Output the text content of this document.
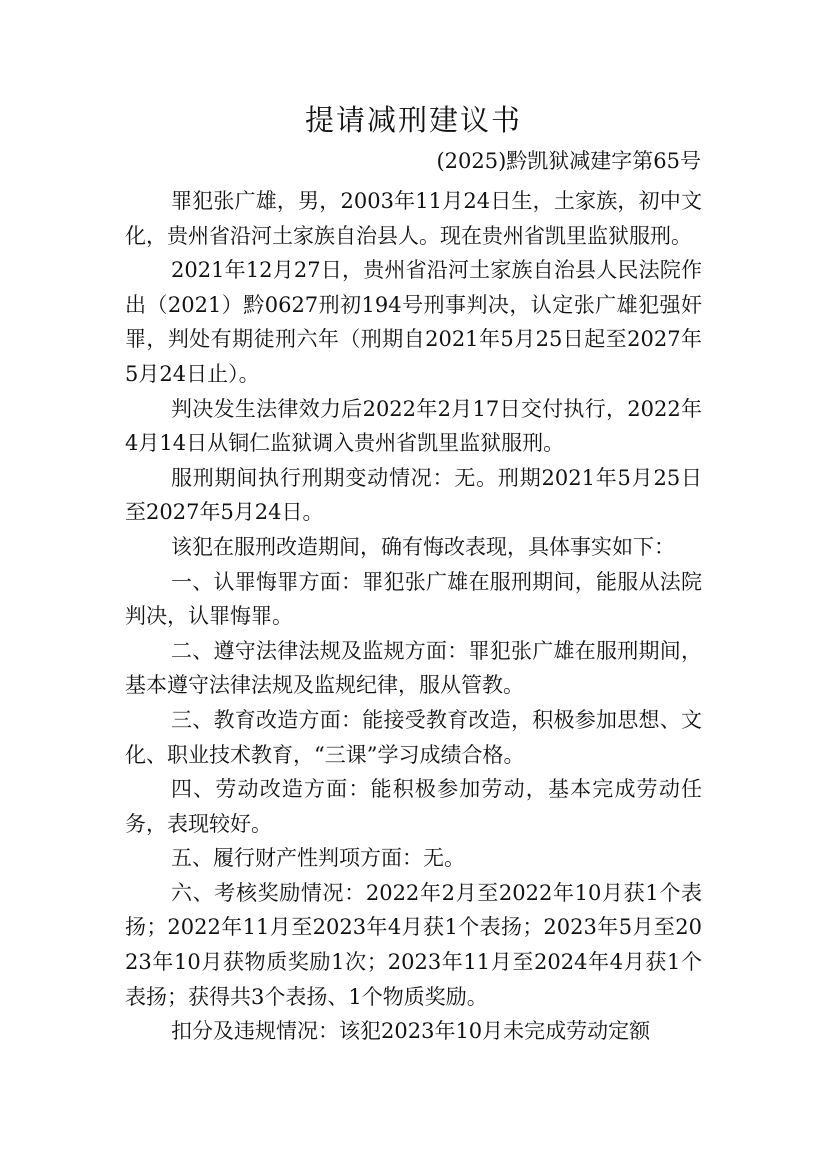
提请减刑建议书
(2025)黔凯狱减建字第65号

罪犯张广雄，男，2003年11月24日生，土家族，初中文化，贵州省沿河土家族自治县人。现在贵州省凯里监狱服刑。

2021年12月27日，贵州省沿河土家族自治县人民法院作出（2021）黔0627刑初194号刑事判决，认定张广雄犯强奸罪，判处有期徒刑六年（刑期自2021年5月25日起至2027年5月24日止）。

判决发生法律效力后2022年2月17日交付执行，2022年4月14日从铜仁监狱调入贵州省凯里监狱服刑。

服刑期间执行刑期变动情况：无。刑期2021年5月25日至2027年5月24日。

该犯在服刑改造期间，确有悔改表现，具体事实如下：

一、认罪悔罪方面：罪犯张广雄在服刑期间，能服从法院判决，认罪悔罪。

二、遵守法律法规及监规方面：罪犯张广雄在服刑期间，基本遵守法律法规及监规纪律，服从管教。

三、教育改造方面：能接受教育改造，积极参加思想、文化、职业技术教育，“三课”学习成绩合格。

四、劳动改造方面：能积极参加劳动，基本完成劳动任务，表现较好。

五、履行财产性判项方面：无。

六、考核奖励情况：2022年2月至2022年10月获1个表扬；2022年11月至2023年4月获1个表扬；2023年5月至2023年10月获物质奖励1次；2023年11月至2024年4月获1个表扬；获得共3个表扬、1个物质奖励。

扣分及违规情况：该犯2023年10月未完成劳动定额
